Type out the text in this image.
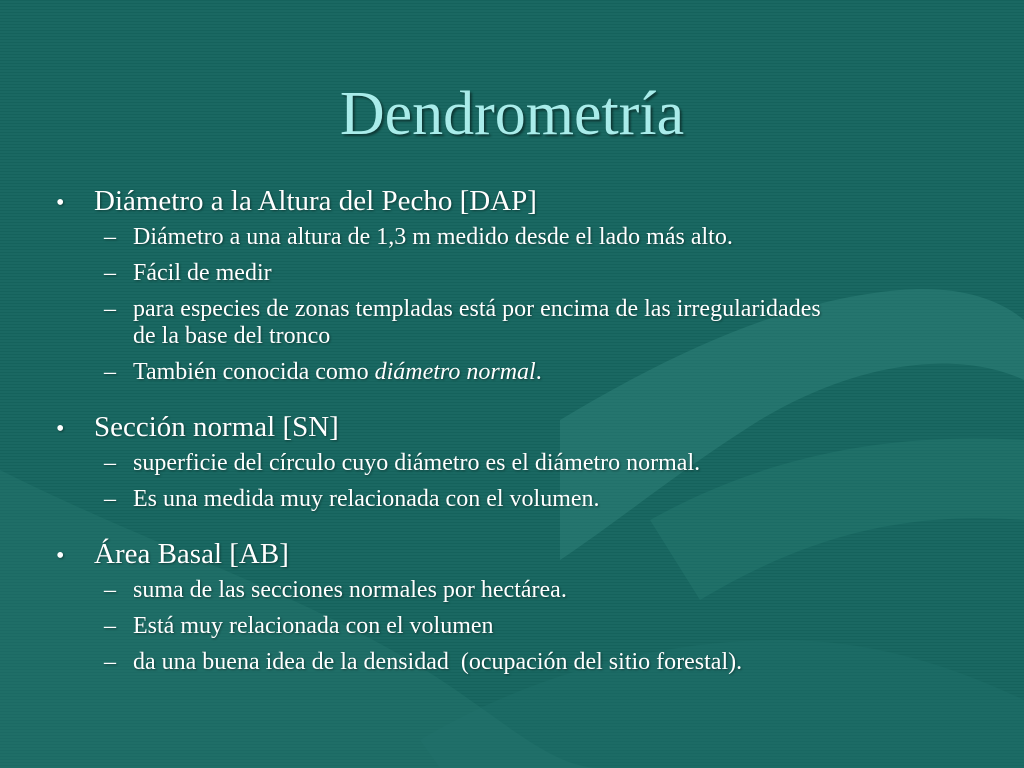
Dendrometría
•	Diámetro a la Altura del Pecho [DAP]
– Diámetro a una altura de 1,3 m medido desde el lado más alto.
– Fácil de medir
– para especies de zonas templadas está por encima de las irregularidades de la base del tronco
– También conocida como diámetro normal.
•	Sección normal [SN]
– superficie del círculo cuyo diámetro es el diámetro normal.
– Es una medida muy relacionada con el volumen.
•	Área Basal [AB]
– suma de las secciones normales por hectárea.
– Está muy relacionada con el volumen
– da una buena idea de la densidad  (ocupación del sitio forestal).
